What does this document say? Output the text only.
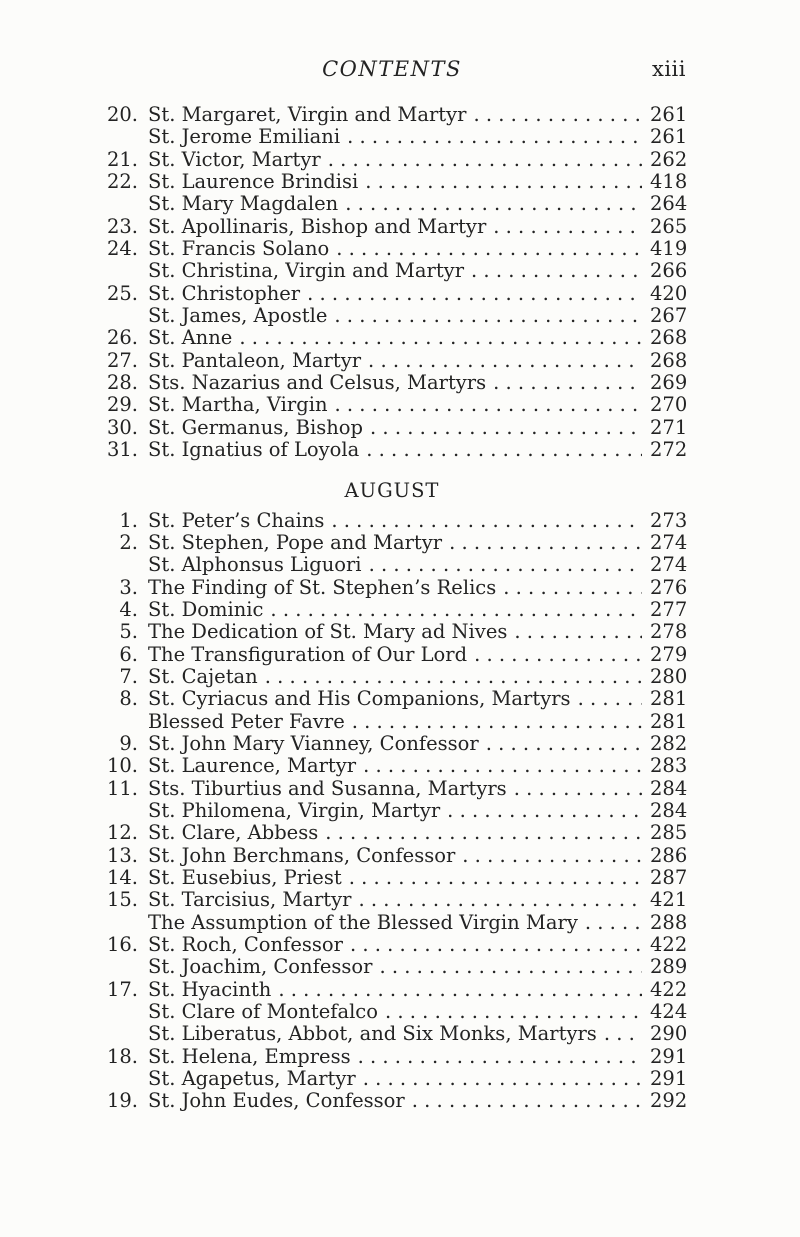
CONTENTS	xiii
20. St. Margaret, Virgin and Martyr . . .	261
St. Jerome Emiliani . . .	261
21. St. Victor, Martyr . . .	262
22. St. Laurence Brindisi . . .	418
St. Mary Magdalen . . .	264
23. St. Apollinaris, Bishop and Martyr . . .	265
24. St. Francis Solano . . .	419
St. Christina, Virgin and Martyr . . .	266
25. St. Christopher . . .	420
St. James, Apostle . . .	267
26. St. Anne . . .	268
27. St. Pantaleon, Martyr . . .	268
28. Sts. Nazarius and Celsus, Martyrs . . .	269
29. St. Martha, Virgin . . .	270
30. St. Germanus, Bishop . . .	271
31. St. Ignatius of Loyola . . .	272
AUGUST
1. St. Peter’s Chains . . .	273
2. St. Stephen, Pope and Martyr . . .	274
St. Alphonsus Liguori . . .	274
3. The Finding of St. Stephen’s Relics . . .	276
4. St. Dominic . . .	277
5. The Dedication of St. Mary ad Nives . . .	278
6. The Transfiguration of Our Lord . . .	279
7. St. Cajetan . . .	280
8. St. Cyriacus and His Companions, Martyrs . . .	281
Blessed Peter Favre . . .	281
9. St. John Mary Vianney, Confessor . . .	282
10. St. Laurence, Martyr . . .	283
11. Sts. Tiburtius and Susanna, Martyrs . . .	284
St. Philomena, Virgin, Martyr . . .	284
12. St. Clare, Abbess . . .	285
13. St. John Berchmans, Confessor . . .	286
14. St. Eusebius, Priest . . .	287
15. St. Tarcisius, Martyr . . .	421
The Assumption of the Blessed Virgin Mary . . .	288
16. St. Roch, Confessor . . .	422
St. Joachim, Confessor . . .	289
17. St. Hyacinth . . .	422
St. Clare of Montefalco . . .	424
St. Liberatus, Abbot, and Six Monks, Martyrs . . .	290
18. St. Helena, Empress . . .	291
St. Agapetus, Martyr . . .	291
19. St. John Eudes, Confessor . . .	292
